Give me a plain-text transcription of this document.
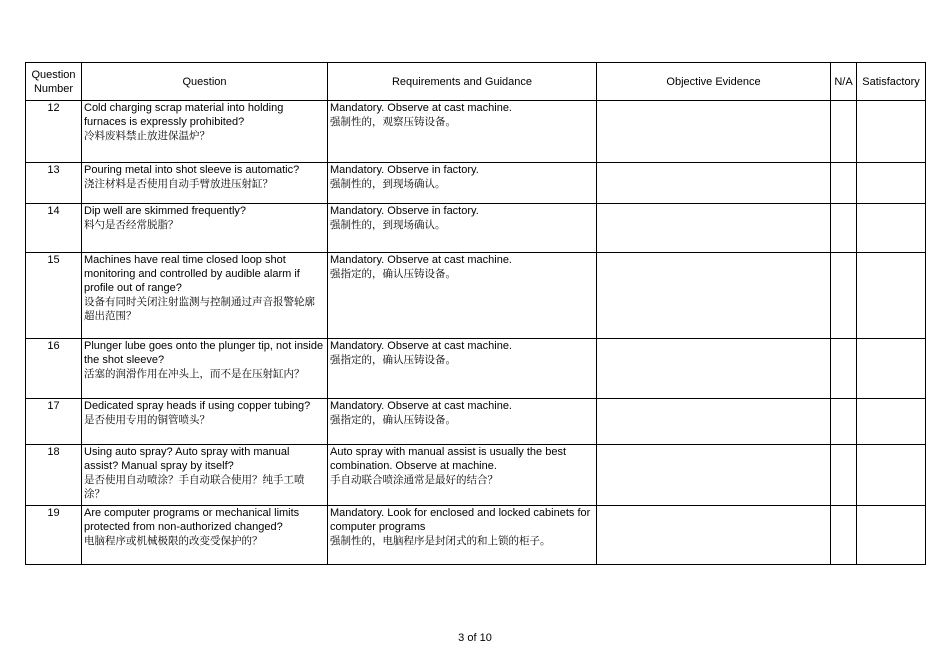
Question Number	Question	Requirements and Guidance	Objective Evidence	N/A	Satisfactory
12	Cold charging scrap material into holding furnaces is expressly prohibited?
冷料废料禁止放进保温炉？	Mandatory. Observe at cast machine.
强制性的，观察压铸设备。			

13	Pouring metal into shot sleeve is automatic?
浇注材料是否使用自动手臂放进压射缸？	Mandatory. Observe in factory.
强制性的，到现场确认。			

14	Dip well are skimmed frequently?
料勺是否经常脱脂？	Mandatory. Observe in factory.
强制性的，到现场确认。			

15	Machines have real time closed loop shot monitoring and controlled by audible alarm if profile out of range?
设备有同时关闭注射监测与控制通过声音报警轮廓超出范围？	Mandatory. Observe at cast machine.
强指定的，确认压铸设备。			

16	Plunger lube goes onto the plunger tip, not inside the shot sleeve?
活塞的润滑作用在冲头上，而不是在压射缸内？	Mandatory. Observe at cast machine.
强指定的，确认压铸设备。			

17	Dedicated spray heads if using copper tubing?
是否使用专用的铜管喷头？	Mandatory. Observe at cast machine.
强指定的，确认压铸设备。			

18	Using auto spray? Auto spray with manual assist? Manual spray by itself?
是否使用自动喷涂？手自动联合使用？纯手工喷涂？	Auto spray with manual assist is usually the best combination. Observe at machine.
手自动联合喷涂通常是最好的结合？			

19	Are computer programs or mechanical limits protected from non-authorized changed?
电脑程序或机械极限的改变受保护的？	Mandatory. Look for enclosed and locked cabinets for computer programs
强制性的，电脑程序是封闭式的和上锁的柜子。			

3 of 10
